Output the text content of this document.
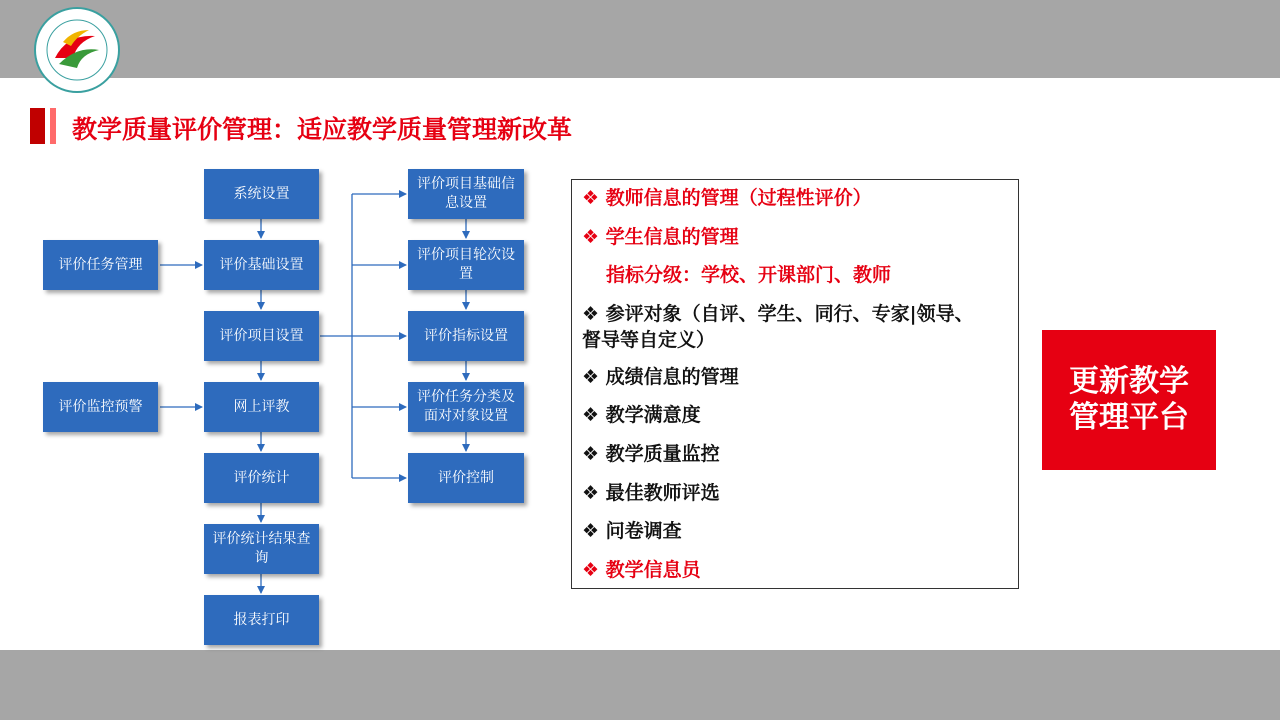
教学质量评价管理：适应教学质量管理新改革
系统设置
评价任务管理	评价基础设置
评价项目设置
评价监控预警	网上评教
评价统计
评价统计结果查询
报表打印
评价项目基础信息设置
评价项目轮次设置
评价指标设置
评价任务分类及面对对象设置
评价控制
❖ 教师信息的管理（过程性评价）
❖ 学生信息的管理
指标分级：学校、开课部门、教师
❖ 参评对象（自评、学生、同行、专家|领导、
督导等自定义）
❖ 成绩信息的管理
❖ 教学满意度
❖ 教学质量监控
❖ 最佳教师评选
❖ 问卷调查
❖ 教学信息员
更新教学
管理平台
